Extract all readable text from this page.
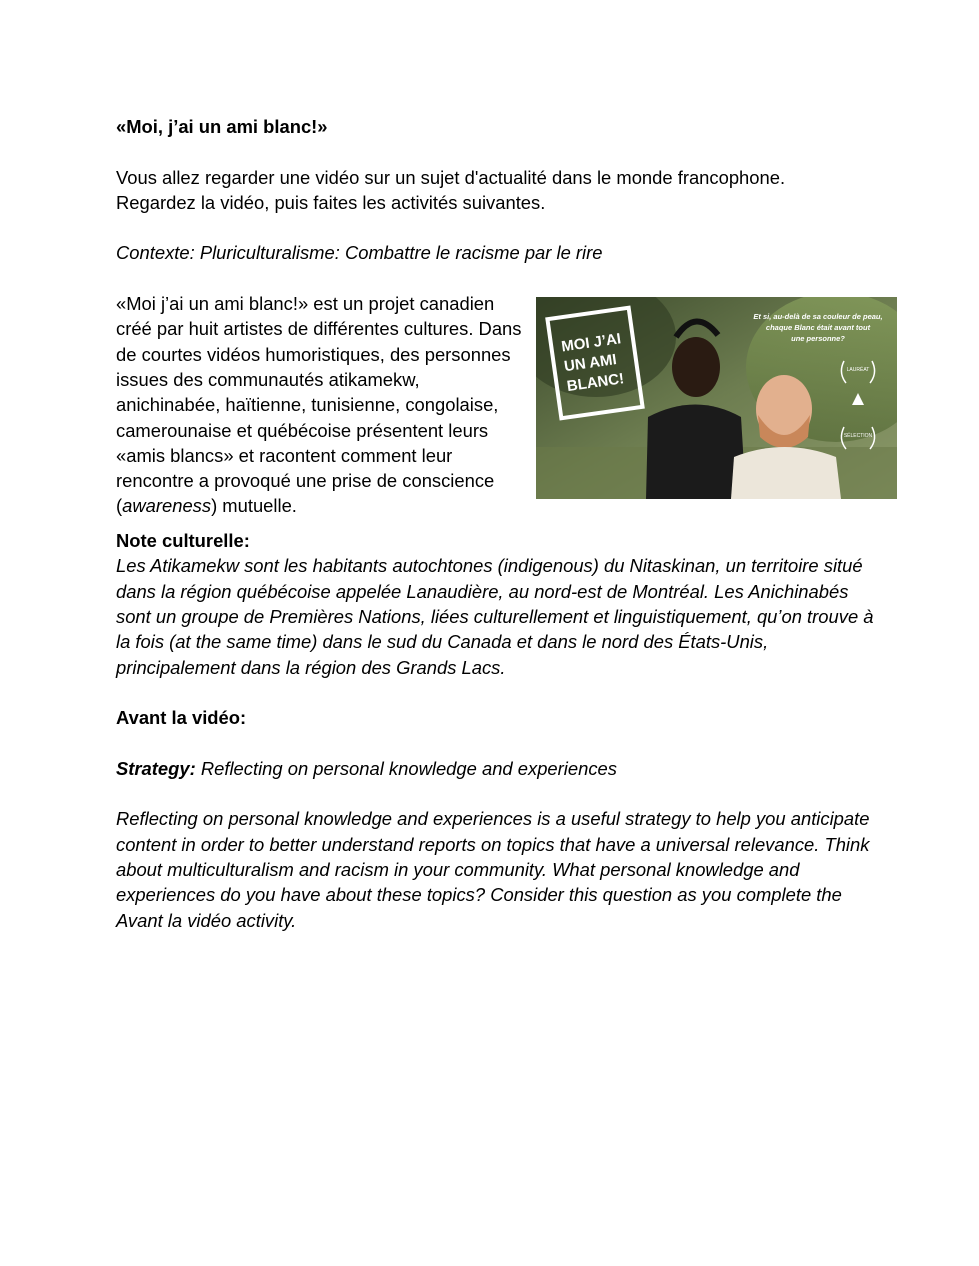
«Moi, j’ai un ami blanc!»

Vous allez regarder une vidéo sur un sujet d'actualité dans le monde francophone.

Regardez la vidéo, puis faites les activités suivantes.

Contexte: Pluriculturalisme: Combattre le racisme par le rire

«Moi j’ai un ami blanc!» est un projet canadien créé par huit artistes de différentes cultures. Dans de courtes vidéos humoristiques, des personnes issues des communautés atikamekw, anichinabée, haïtienne, tunisienne, congolaise, camerounaise et québécoise présentent leurs «amis blancs» et racontent comment leur rencontre a provoqué une prise de conscience (awareness) mutuelle.

MOI J’AI
UN AMI
BLANC!
Et si, au-delà de sa couleur de peau,
chaque Blanc était avant tout
une personne?
LAURÉAT
SÉLECTION

Note culturelle:

Les Atikamekw sont les habitants autochtones (indigenous) du Nitaskinan, un territoire situé dans la région québécoise appelée Lanaudière, au nord-est de Montréal. Les Anichinabés sont un groupe de Premières Nations, liées culturellement et linguistiquement, qu’on trouve à la fois (at the same time) dans le sud du Canada et dans le nord des États-Unis, principalement dans la région des Grands Lacs.

Avant la vidéo:

Strategy: Reflecting on personal knowledge and experiences

Reflecting on personal knowledge and experiences is a useful strategy to help you anticipate content in order to better understand reports on topics that have a universal relevance. Think about multiculturalism and racism in your community. What personal knowledge and experiences do you have about these topics? Consider this question as you complete the Avant la vidéo activity.
